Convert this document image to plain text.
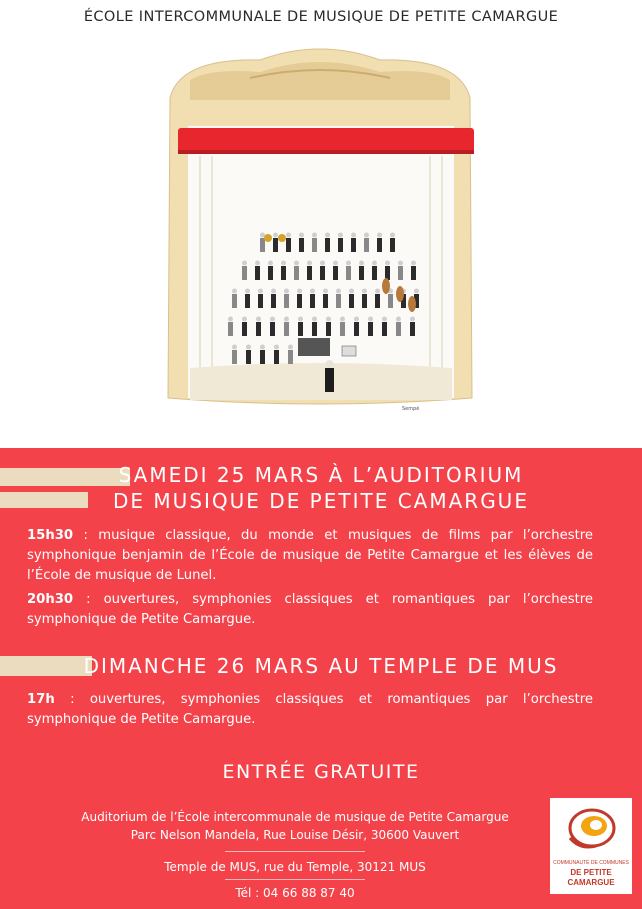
ÉCOLE INTERCOMMUNALE DE MUSIQUE DE PETITE CAMARGUE
Sempé
SAMEDI 25 MARS À L’AUDITORIUM
DE MUSIQUE DE PETITE CAMARGUE
15h30 : musique classique, du monde et musiques de films par l’orchestre symphonique benjamin de l’École de musique de Petite Camargue et les élèves de l’École de musique de Lunel.
20h30 : ouvertures, symphonies classiques et romantiques par l’orchestre symphonique de Petite Camargue.
DIMANCHE 26 MARS AU TEMPLE DE MUS
17h : ouvertures, symphonies classiques et romantiques par l’orchestre symphonique de Petite Camargue.
ENTRÉE GRATUITE
Auditorium de l’École intercommunale de musique de Petite Camargue
Parc Nelson Mandela, Rue Louise Désir, 30600 Vauvert
Temple de MUS, rue du Temple, 30121 MUS
Tél : 04 66 88 87 40
COMMUNAUTÉ DE COMMUNES
DE PETITE
CAMARGUE
